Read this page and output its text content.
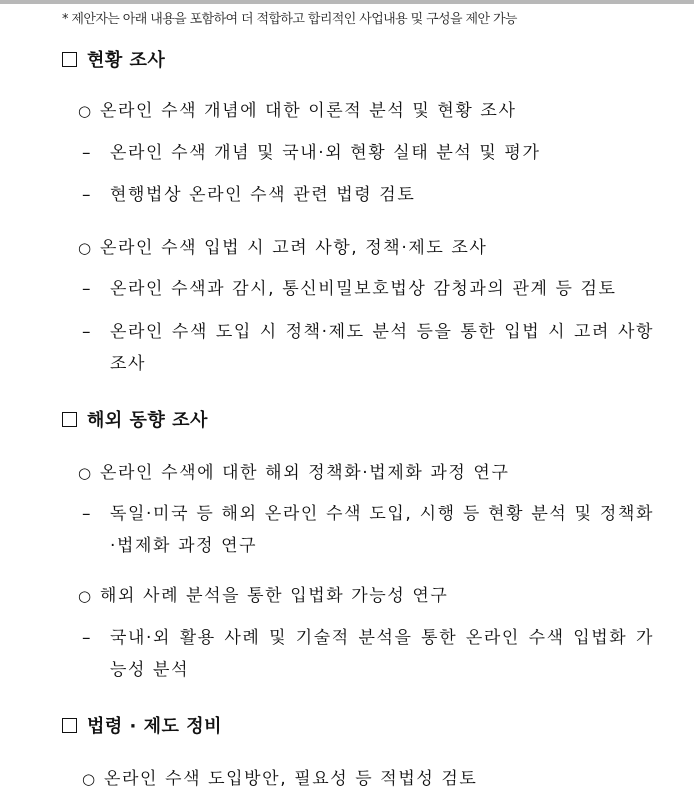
* 제안자는 아래 내용을 포함하여 더 적합하고 합리적인 사업내용 및 구성을 제안 가능
현황 조사
○ 온라인 수색 개념에 대한 이론적 분석 및 현황 조사
– 온라인 수색 개념 및 국내·외 현황 실태 분석 및 평가
– 현행법상 온라인 수색 관련 법령 검토
○ 온라인 수색 입법 시 고려 사항, 정책·제도 조사
– 온라인 수색과 감시, 통신비밀보호법상 감청과의 관계 등 검토
– 온라인 수색 도입 시 정책·제도 분석 등을 통한 입법 시 고려 사항 조사
해외 동향 조사
○ 온라인 수색에 대한 해외 정책화·법제화 과정 연구
– 독일·미국 등 해외 온라인 수색 도입, 시행 등 현황 분석 및 정책화·법제화 과정 연구
○ 해외 사례 분석을 통한 입법화 가능성 연구
– 국내·외 활용 사례 및 기술적 분석을 통한 온라인 수색 입법화 가능성 분석
법령 · 제도 정비
○ 온라인 수색 도입방안, 필요성 등 적법성 검토
